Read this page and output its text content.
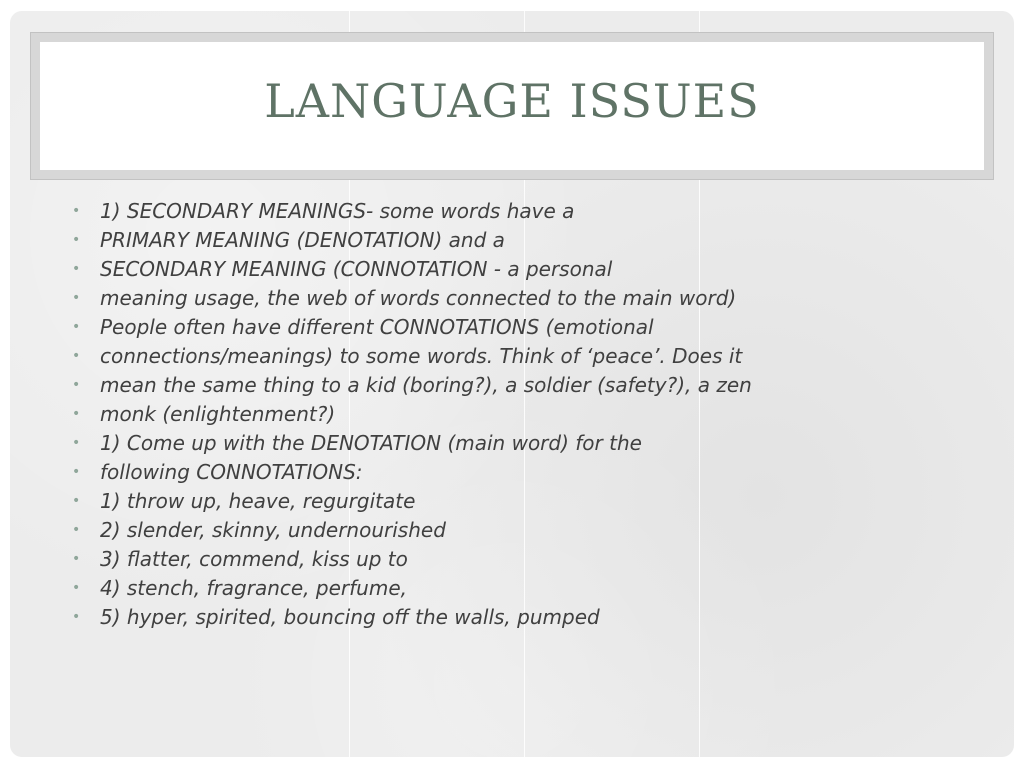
LANGUAGE ISSUES
• 1) SECONDARY MEANINGS- some words have a
• PRIMARY MEANING (DENOTATION) and a
• SECONDARY MEANING (CONNOTATION - a personal
• meaning usage, the web of words connected to the main word)
• People often have different CONNOTATIONS (emotional
• connections/meanings) to some words. Think of ‘peace’. Does it
• mean the same thing to a kid (boring?), a soldier (safety?), a zen
• monk (enlightenment?)
• 1) Come up with the DENOTATION (main word) for the
• following CONNOTATIONS:
• 1) throw up, heave, regurgitate
• 2) slender, skinny, undernourished
• 3) flatter, commend, kiss up to
• 4) stench, fragrance, perfume,
• 5) hyper, spirited, bouncing off the walls, pumped
